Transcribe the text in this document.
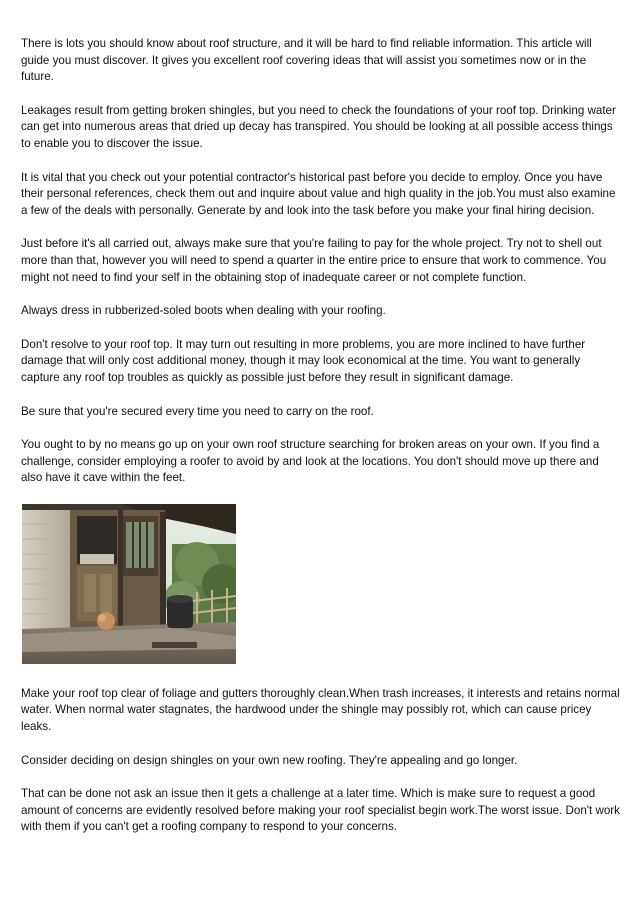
There is lots you should know about roof structure, and it will be hard to find reliable information. This article will guide you must discover. It gives you excellent roof covering ideas that will assist you sometimes now or in the future.

Leakages result from getting broken shingles, but you need to check the foundations of your roof top. Drinking water can get into numerous areas that dried up decay has transpired. You should be looking at all possible access things to enable you to discover the issue.

It is vital that you check out your potential contractor's historical past before you decide to employ. Once you have their personal references, check them out and inquire about value and high quality in the job.You must also examine a few of the deals with personally. Generate by and look into the task before you make your final hiring decision.

Just before it's all carried out, always make sure that you're failing to pay for the whole project. Try not to shell out more than that, however you will need to spend a quarter in the entire price to ensure that work to commence. You might not need to find your self in the obtaining stop of inadequate career or not complete function.

Always dress in rubberized-soled boots when dealing with your roofing.

Don't resolve to your roof top. It may turn out resulting in more problems, you are more inclined to have further damage that will only cost additional money, though it may look economical at the time. You want to generally capture any roof top troubles as quickly as possible just before they result in significant damage.

Be sure that you're secured every time you need to carry on the roof.

You ought to by no means go up on your own roof structure searching for broken areas on your own. If you find a challenge, consider employing a roofer to avoid by and look at the locations. You don't should move up there and also have it cave within the feet.

Make your roof top clear of foliage and gutters thoroughly clean.When trash increases, it interests and retains normal water. When normal water stagnates, the hardwood under the shingle may possibly rot, which can cause pricey leaks.

Consider deciding on design shingles on your own new roofing. They're appealing and go longer.

That can be done not ask an issue then it gets a challenge at a later time. Which is make sure to request a good amount of concerns are evidently resolved before making your roof specialist begin work.The worst issue. Don't work with them if you can't get a roofing company to respond to your concerns.
